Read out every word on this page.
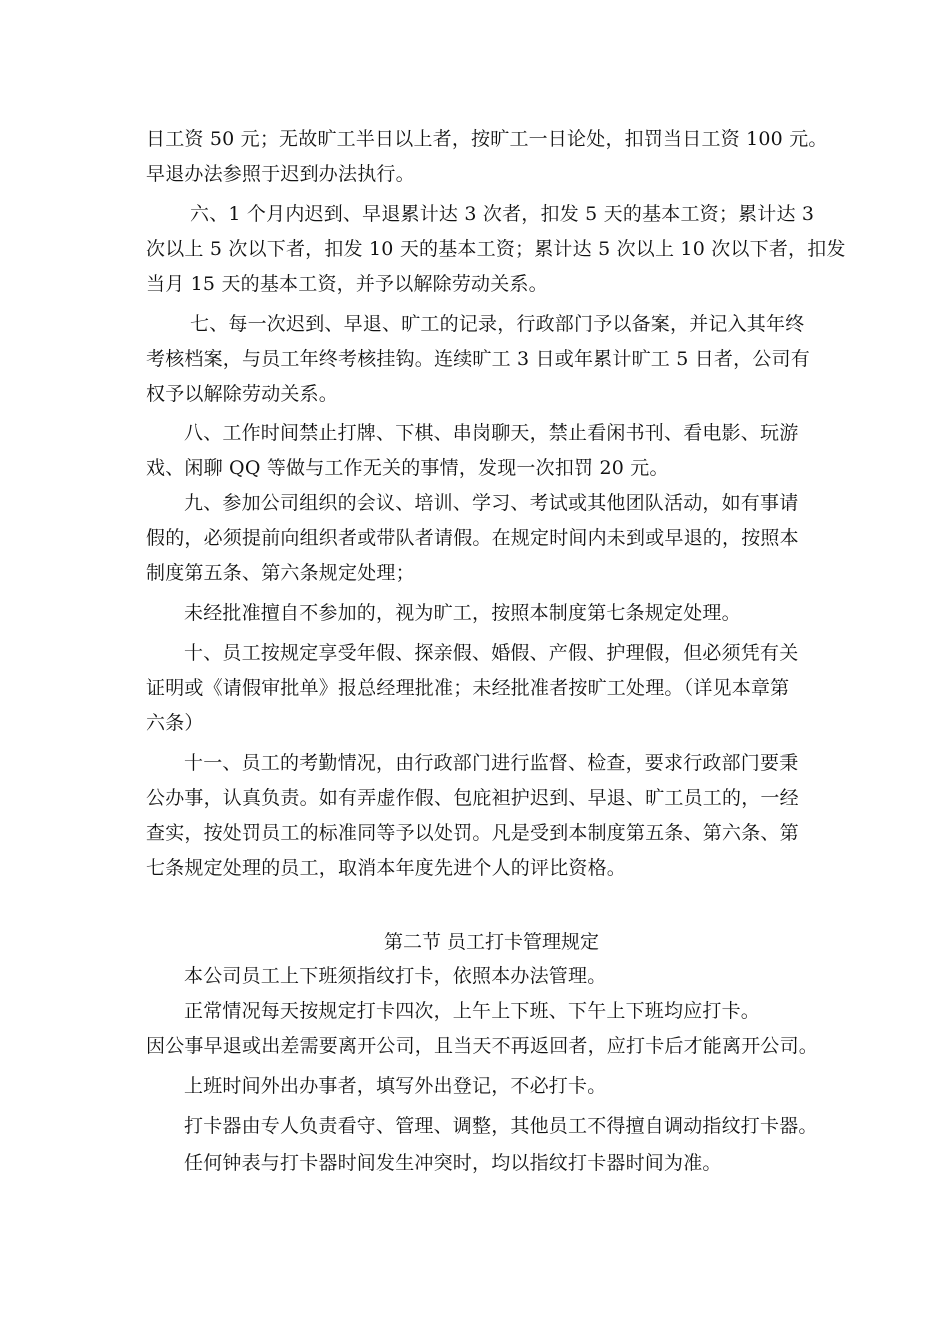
日工资 50 元；无故旷工半日以上者，按旷工一日论处，扣罚当日工资 100 元。
早退办法参照于迟到办法执行。
六、1 个月内迟到、早退累计达 3 次者，扣发 5 天的基本工资；累计达 3
次以上 5 次以下者，扣发 10 天的基本工资；累计达 5 次以上 10 次以下者，扣发
当月 15 天的基本工资，并予以解除劳动关系。
七、每一次迟到、早退、旷工的记录，行政部门予以备案，并记入其年终
考核档案，与员工年终考核挂钩。连续旷工 3 日或年累计旷工 5 日者，公司有
权予以解除劳动关系。
八、工作时间禁止打牌、下棋、串岗聊天，禁止看闲书刊、看电影、玩游
戏、闲聊 QQ 等做与工作无关的事情，发现一次扣罚 20 元。
九、参加公司组织的会议、培训、学习、考试或其他团队活动，如有事请
假的，必须提前向组织者或带队者请假。在规定时间内未到或早退的，按照本
制度第五条、第六条规定处理；
未经批准擅自不参加的，视为旷工，按照本制度第七条规定处理。
十、员工按规定享受年假、探亲假、婚假、产假、护理假，但必须凭有关
证明或《请假审批单》报总经理批准；未经批准者按旷工处理。（详见本章第
六条）
十一、员工的考勤情况，由行政部门进行监督、检查，要求行政部门要秉
公办事，认真负责。如有弄虚作假、包庇袒护迟到、早退、旷工员工的，一经
查实，按处罚员工的标准同等予以处罚。凡是受到本制度第五条、第六条、第
七条规定处理的员工，取消本年度先进个人的评比资格。
第二节 员工打卡管理规定
本公司员工上下班须指纹打卡，依照本办法管理。
正常情况每天按规定打卡四次，上午上下班、下午上下班均应打卡。
因公事早退或出差需要离开公司，且当天不再返回者，应打卡后才能离开公司。
上班时间外出办事者，填写外出登记，不必打卡。
打卡器由专人负责看守、管理、调整，其他员工不得擅自调动指纹打卡器。
任何钟表与打卡器时间发生冲突时，均以指纹打卡器时间为准。
